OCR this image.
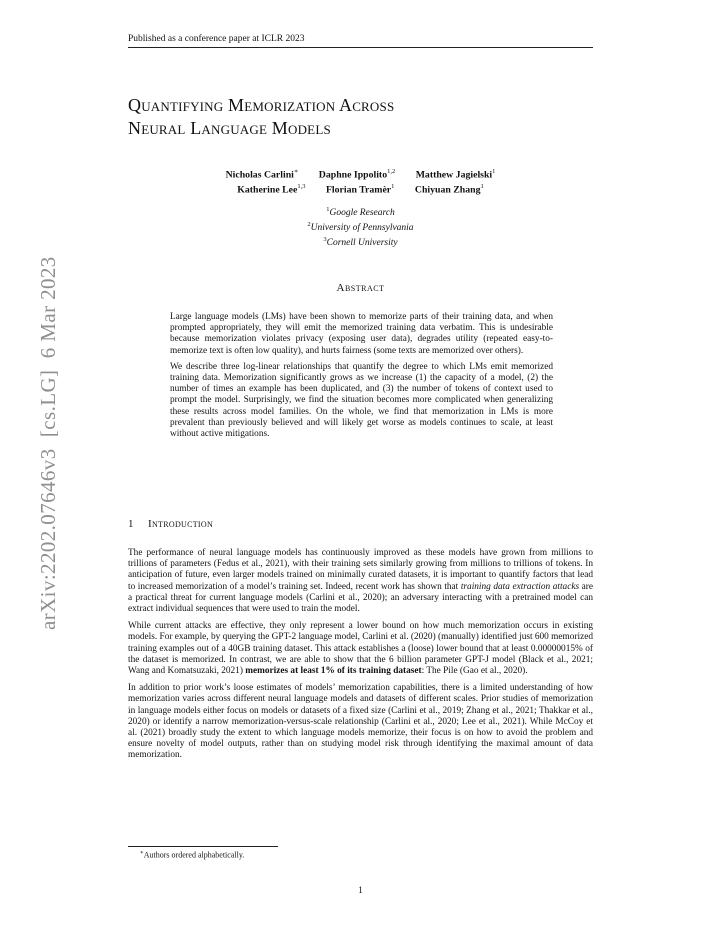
arXiv:2202.07646v3  [cs.LG]  6 Mar 2023
Published as a conference paper at ICLR 2023
Quantifying Memorization Across
Neural Language Models
Nicholas Carlini∗ Daphne Ippolito$^{1,2}$ Matthew Jagielski$^1$
Katherine Lee$^{1,3}$ Florian Tramèr$^1$ Chiyuan Zhang$^1$
$^1$Google Research
$^2$University of Pennsylvania
$^3$Cornell University
Abstract

Large language models (LMs) have been shown to memorize parts of their training data, and when prompted appropriately, they will emit the memorized training data verbatim. This is undesirable because memorization violates privacy (exposing user data), degrades utility (repeated easy-to-memorize text is often low quality), and hurts fairness (some texts are memorized over others).

We describe three log-linear relationships that quantify the degree to which LMs emit memorized training data. Memorization significantly grows as we increase (1) the capacity of a model, (2) the number of times an example has been duplicated, and (3) the number of tokens of context used to prompt the model. Surprisingly, we find the situation becomes more complicated when generalizing these results across model families. On the whole, we find that memorization in LMs is more prevalent than previously believed and will likely get worse as models continues to scale, at least without active mitigations.

1 Introduction

The performance of neural language models has continuously improved as these models have grown from millions to trillions of parameters (Fedus et al., 2021), with their training sets similarly growing from millions to trillions of tokens. In anticipation of future, even larger models trained on minimally curated datasets, it is important to quantify factors that lead to increased memorization of a model’s training set. Indeed, recent work has shown that training data extraction attacks are a practical threat for current language models (Carlini et al., 2020); an adversary interacting with a pretrained model can extract individual sequences that were used to train the model.

While current attacks are effective, they only represent a lower bound on how much memorization occurs in existing models. For example, by querying the GPT-2 language model, Carlini et al. (2020) (manually) identified just 600 memorized training examples out of a 40GB training dataset. This attack establishes a (loose) lower bound that at least 0.00000015% of the dataset is memorized. In contrast, we are able to show that the 6 billion parameter GPT-J model (Black et al., 2021; Wang and Komatsuzaki, 2021) memorizes at least 1% of its training dataset: The Pile (Gao et al., 2020).

In addition to prior work’s loose estimates of models’ memorization capabilities, there is a limited understanding of how memorization varies across different neural language models and datasets of different scales. Prior studies of memorization in language models either focus on models or datasets of a fixed size (Carlini et al., 2019; Zhang et al., 2021; Thakkar et al., 2020) or identify a narrow memorization-versus-scale relationship (Carlini et al., 2020; Lee et al., 2021). While McCoy et al. (2021) broadly study the extent to which language models memorize, their focus is on how to avoid the problem and ensure novelty of model outputs, rather than on studying model risk through identifying the maximal amount of data memorization.

∗Authors ordered alphabetically.
1
